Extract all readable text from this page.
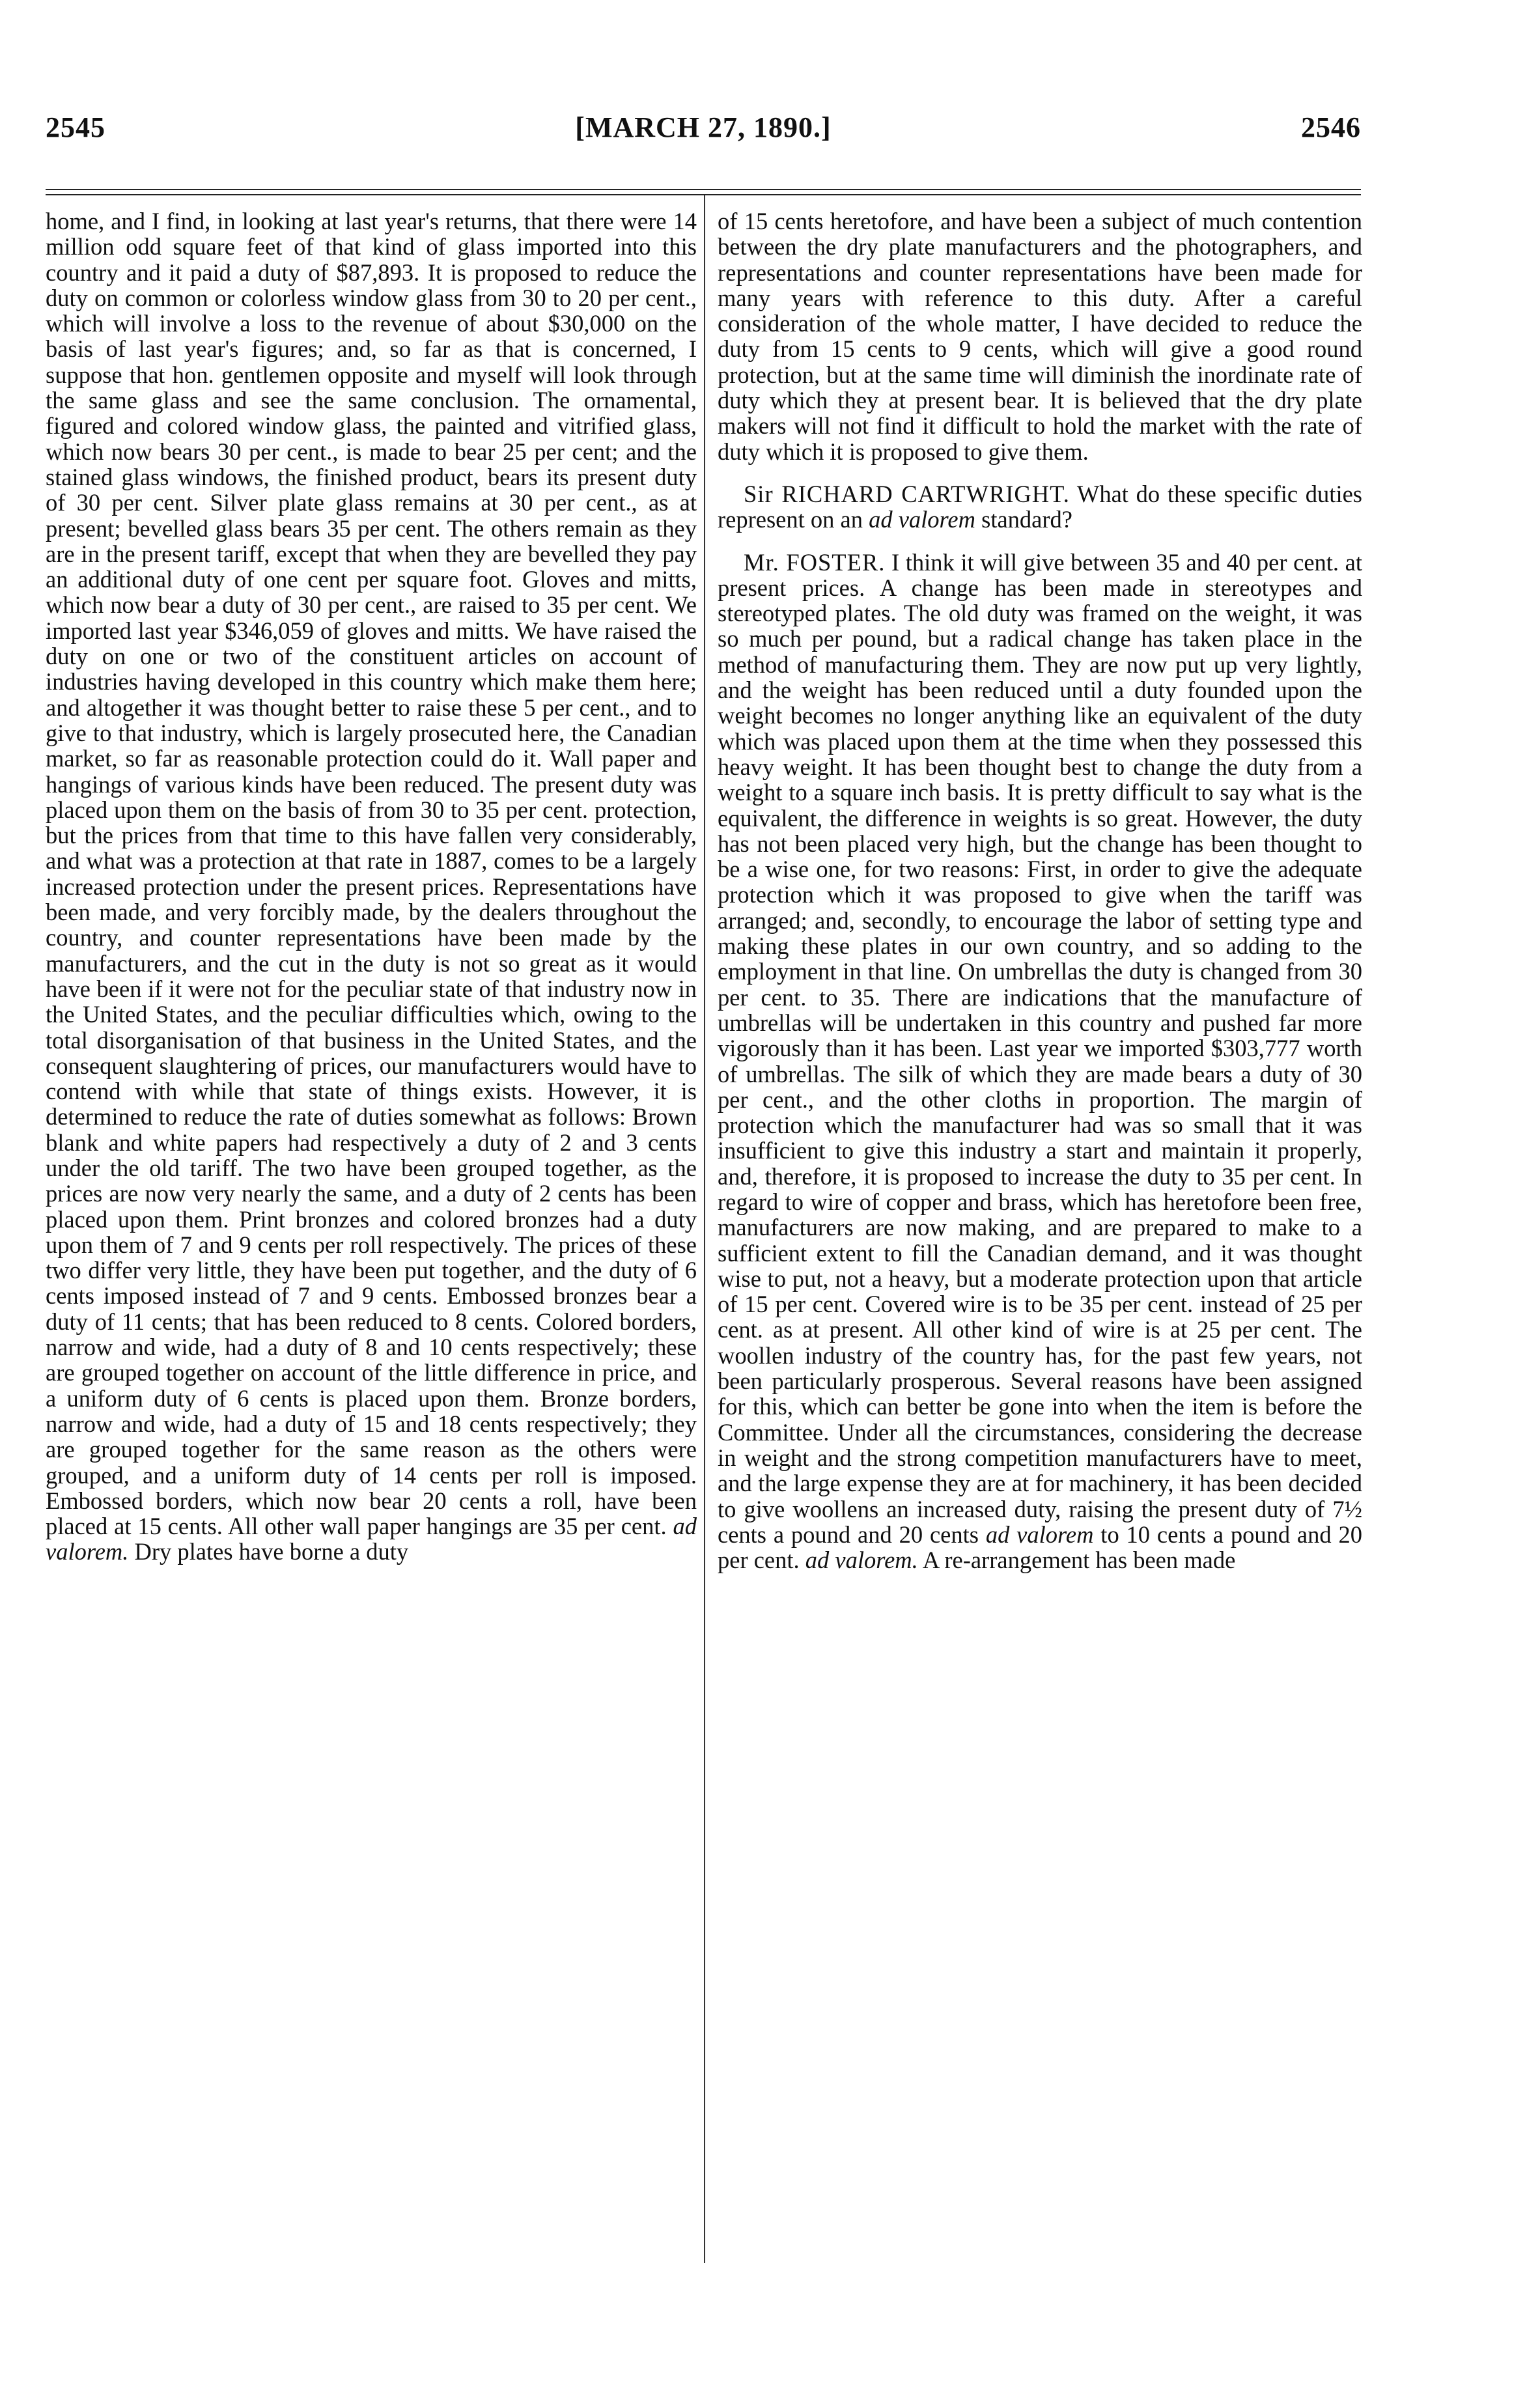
2545	[MARCH 27, 1890.]	2546

home, and I find, in looking at last year's returns, that there were 14 million odd square feet of that kind of glass imported into this country and it paid a duty of $87,893. It is proposed to reduce the duty on common or colorless window glass from 30 to 20 per cent., which will involve a loss to the revenue of about $30,000 on the basis of last year's figures; and, so far as that is concerned, I suppose that hon. gentlemen opposite and myself will look through the same glass and see the same conclusion. The ornamental, figured and colored window glass, the painted and vitrified glass, which now bears 30 per cent., is made to bear 25 per cent; and the stained glass windows, the finished product, bears its present duty of 30 per cent. Silver plate glass remains at 30 per cent., as at present; bevelled glass bears 35 per cent. The others remain as they are in the present tariff, except that when they are bevelled they pay an additional duty of one cent per square foot. Gloves and mitts, which now bear a duty of 30 per cent., are raised to 35 per cent. We imported last year $346,059 of gloves and mitts. We have raised the duty on one or two of the constituent articles on account of industries having developed in this country which make them here; and altogether it was thought better to raise these 5 per cent., and to give to that industry, which is largely prosecuted here, the Canadian market, so far as reasonable protection could do it. Wall paper and hangings of various kinds have been reduced. The present duty was placed upon them on the basis of from 30 to 35 per cent. protection, but the prices from that time to this have fallen very considerably, and what was a protection at that rate in 1887, comes to be a largely increased protection under the present prices. Representations have been made, and very forcibly made, by the dealers throughout the country, and counter representations have been made by the manufacturers, and the cut in the duty is not so great as it would have been if it were not for the peculiar state of that industry now in the United States, and the peculiar difficulties which, owing to the total disorganisation of that business in the United States, and the consequent slaughtering of prices, our manufacturers would have to contend with while that state of things exists. However, it is determined to reduce the rate of duties somewhat as follows: Brown blank and white papers had respectively a duty of 2 and 3 cents under the old tariff. The two have been grouped together, as the prices are now very nearly the same, and a duty of 2 cents has been placed upon them. Print bronzes and colored bronzes had a duty upon them of 7 and 9 cents per roll respectively. The prices of these two differ very little, they have been put together, and the duty of 6 cents imposed instead of 7 and 9 cents. Embossed bronzes bear a duty of 11 cents; that has been reduced to 8 cents. Colored borders, narrow and wide, had a duty of 8 and 10 cents respectively; these are grouped together on account of the little difference in price, and a uniform duty of 6 cents is placed upon them. Bronze borders, narrow and wide, had a duty of 15 and 18 cents respectively; they are grouped together for the same reason as the others were grouped, and a uniform duty of 14 cents per roll is imposed. Embossed borders, which now bear 20 cents a roll, have been placed at 15 cents. All other wall paper hangings are 35 per cent. ad valorem. Dry plates have borne a duty

of 15 cents heretofore, and have been a subject of much contention between the dry plate manufacturers and the photographers, and representations and counter representations have been made for many years with reference to this duty. After a careful consideration of the whole matter, I have decided to reduce the duty from 15 cents to 9 cents, which will give a good round protection, but at the same time will diminish the inordinate rate of duty which they at present bear. It is believed that the dry plate makers will not find it difficult to hold the market with the rate of duty which it is proposed to give them.

Sir RICHARD CARTWRIGHT. What do these specific duties represent on an ad valorem standard?

Mr. FOSTER. I think it will give between 35 and 40 per cent. at present prices. A change has been made in stereotypes and stereotyped plates. The old duty was framed on the weight, it was so much per pound, but a radical change has taken place in the method of manufacturing them. They are now put up very lightly, and the weight has been reduced until a duty founded upon the weight becomes no longer anything like an equivalent of the duty which was placed upon them at the time when they possessed this heavy weight. It has been thought best to change the duty from a weight to a square inch basis. It is pretty difficult to say what is the equivalent, the difference in weights is so great. However, the duty has not been placed very high, but the change has been thought to be a wise one, for two reasons: First, in order to give the adequate protection which it was proposed to give when the tariff was arranged; and, secondly, to encourage the labor of setting type and making these plates in our own country, and so adding to the employment in that line. On umbrellas the duty is changed from 30 per cent. to 35. There are indications that the manufacture of umbrellas will be undertaken in this country and pushed far more vigorously than it has been. Last year we imported $303,777 worth of umbrellas. The silk of which they are made bears a duty of 30 per cent., and the other cloths in proportion. The margin of protection which the manufacturer had was so small that it was insufficient to give this industry a start and maintain it properly, and, therefore, it is proposed to increase the duty to 35 per cent. In regard to wire of copper and brass, which has heretofore been free, manufacturers are now making, and are prepared to make to a sufficient extent to fill the Canadian demand, and it was thought wise to put, not a heavy, but a moderate protection upon that article of 15 per cent. Covered wire is to be 35 per cent. instead of 25 per cent. as at present. All other kind of wire is at 25 per cent. The woollen industry of the country has, for the past few years, not been particularly prosperous. Several reasons have been assigned for this, which can better be gone into when the item is before the Committee. Under all the circumstances, considering the decrease in weight and the strong competition manufacturers have to meet, and the large expense they are at for machinery, it has been decided to give woollens an increased duty, raising the present duty of 7½ cents a pound and 20 cents ad valorem to 10 cents a pound and 20 per cent. ad valorem. A re-arrangement has been made
